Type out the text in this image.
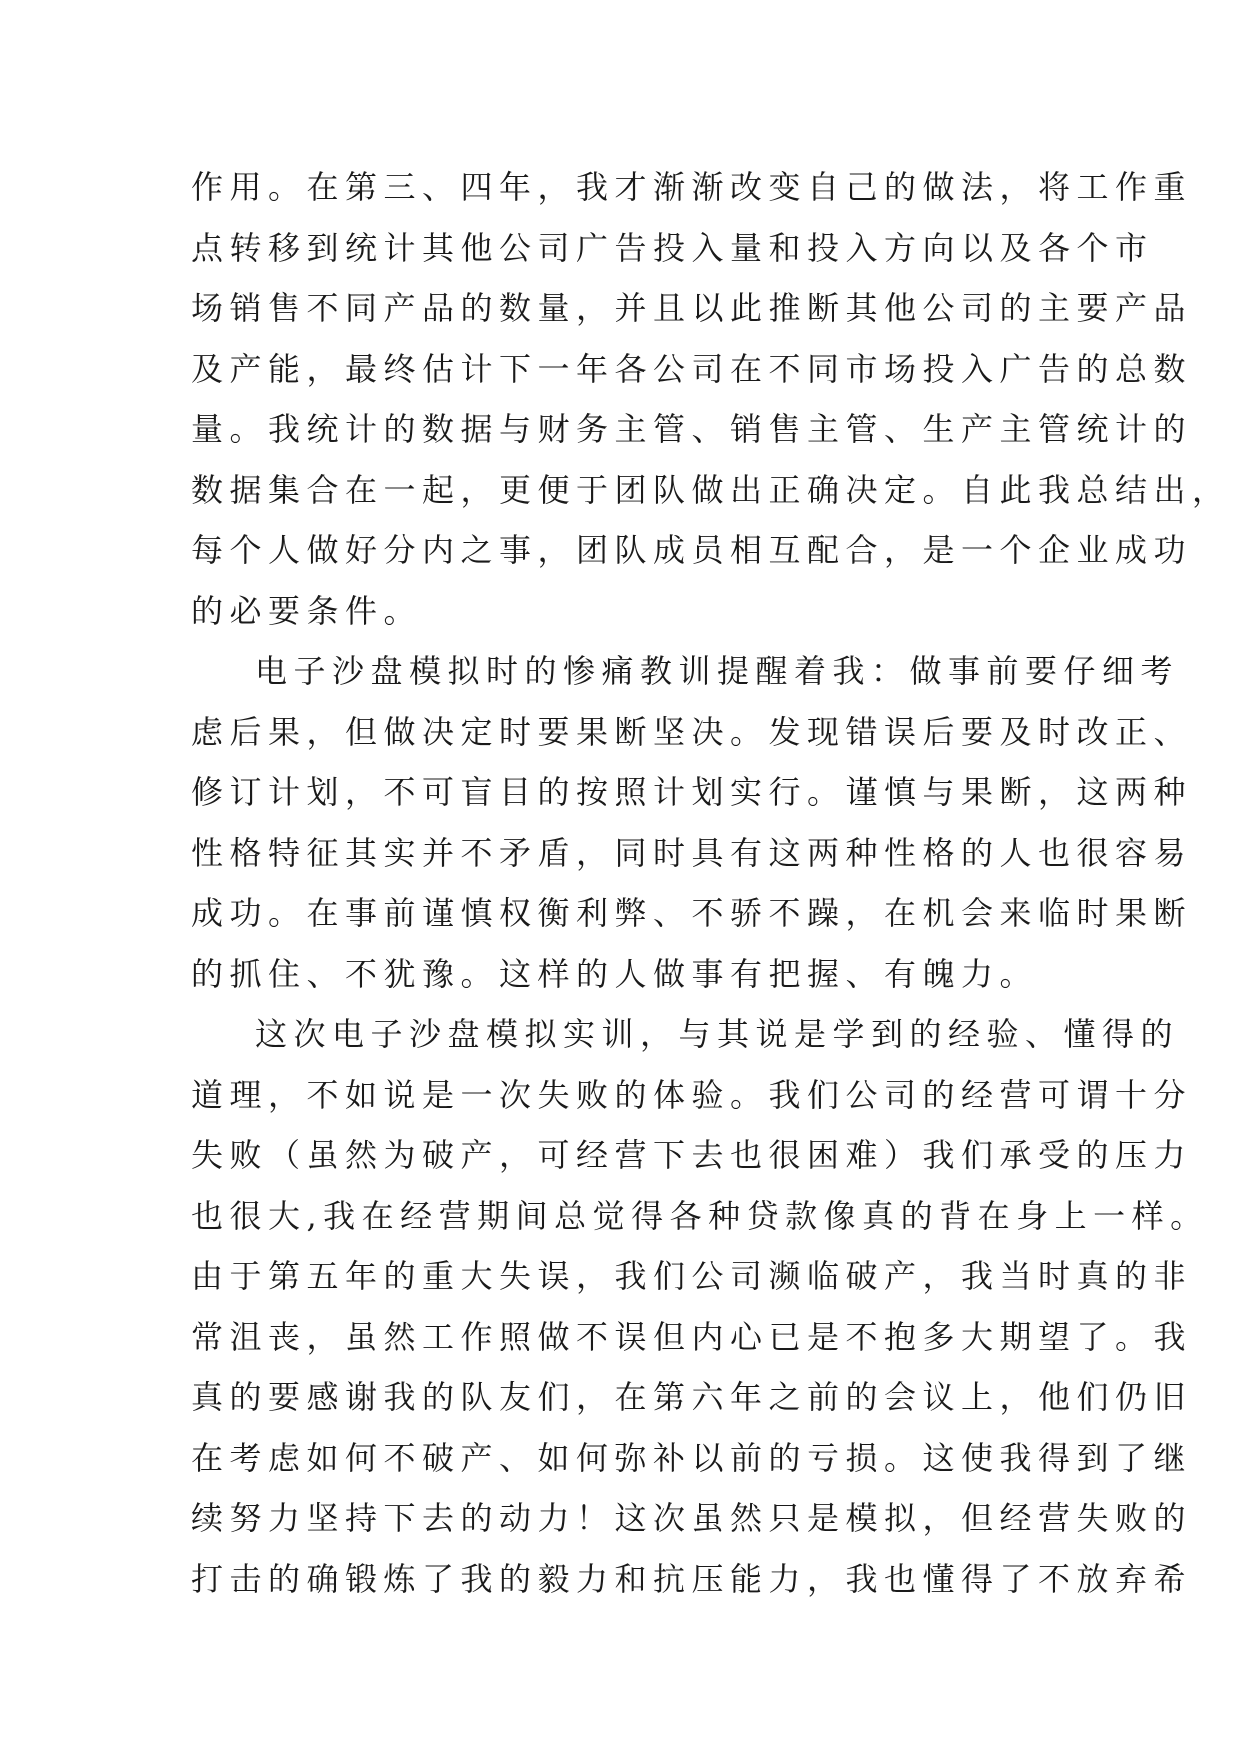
作用。在第三、四年，我才渐渐改变自己的做法，将工作重
点转移到统计其他公司广告投入量和投入方向以及各个市
场销售不同产品的数量，并且以此推断其他公司的主要产品
及产能，最终估计下一年各公司在不同市场投入广告的总数
量。我统计的数据与财务主管、销售主管、生产主管统计的
数据集合在一起，更便于团队做出正确决定。自此我总结出，
每个人做好分内之事，团队成员相互配合，是一个企业成功
的必要条件。
电子沙盘模拟时的惨痛教训提醒着我：做事前要仔细考
虑后果，但做决定时要果断坚决。发现错误后要及时改正、
修订计划，不可盲目的按照计划实行。谨慎与果断，这两种
性格特征其实并不矛盾，同时具有这两种性格的人也很容易
成功。在事前谨慎权衡利弊、不骄不躁，在机会来临时果断
的抓住、不犹豫。这样的人做事有把握、有魄力。
这次电子沙盘模拟实训，与其说是学到的经验、懂得的
道理，不如说是一次失败的体验。我们公司的经营可谓十分
失败（虽然为破产，可经营下去也很困难）我们承受的压力
也很大,我在经营期间总觉得各种贷款像真的背在身上一样。
由于第五年的重大失误，我们公司濒临破产，我当时真的非
常沮丧，虽然工作照做不误但内心已是不抱多大期望了。我
真的要感谢我的队友们，在第六年之前的会议上，他们仍旧
在考虑如何不破产、如何弥补以前的亏损。这使我得到了继
续努力坚持下去的动力！这次虽然只是模拟，但经营失败的
打击的确锻炼了我的毅力和抗压能力，我也懂得了不放弃希
